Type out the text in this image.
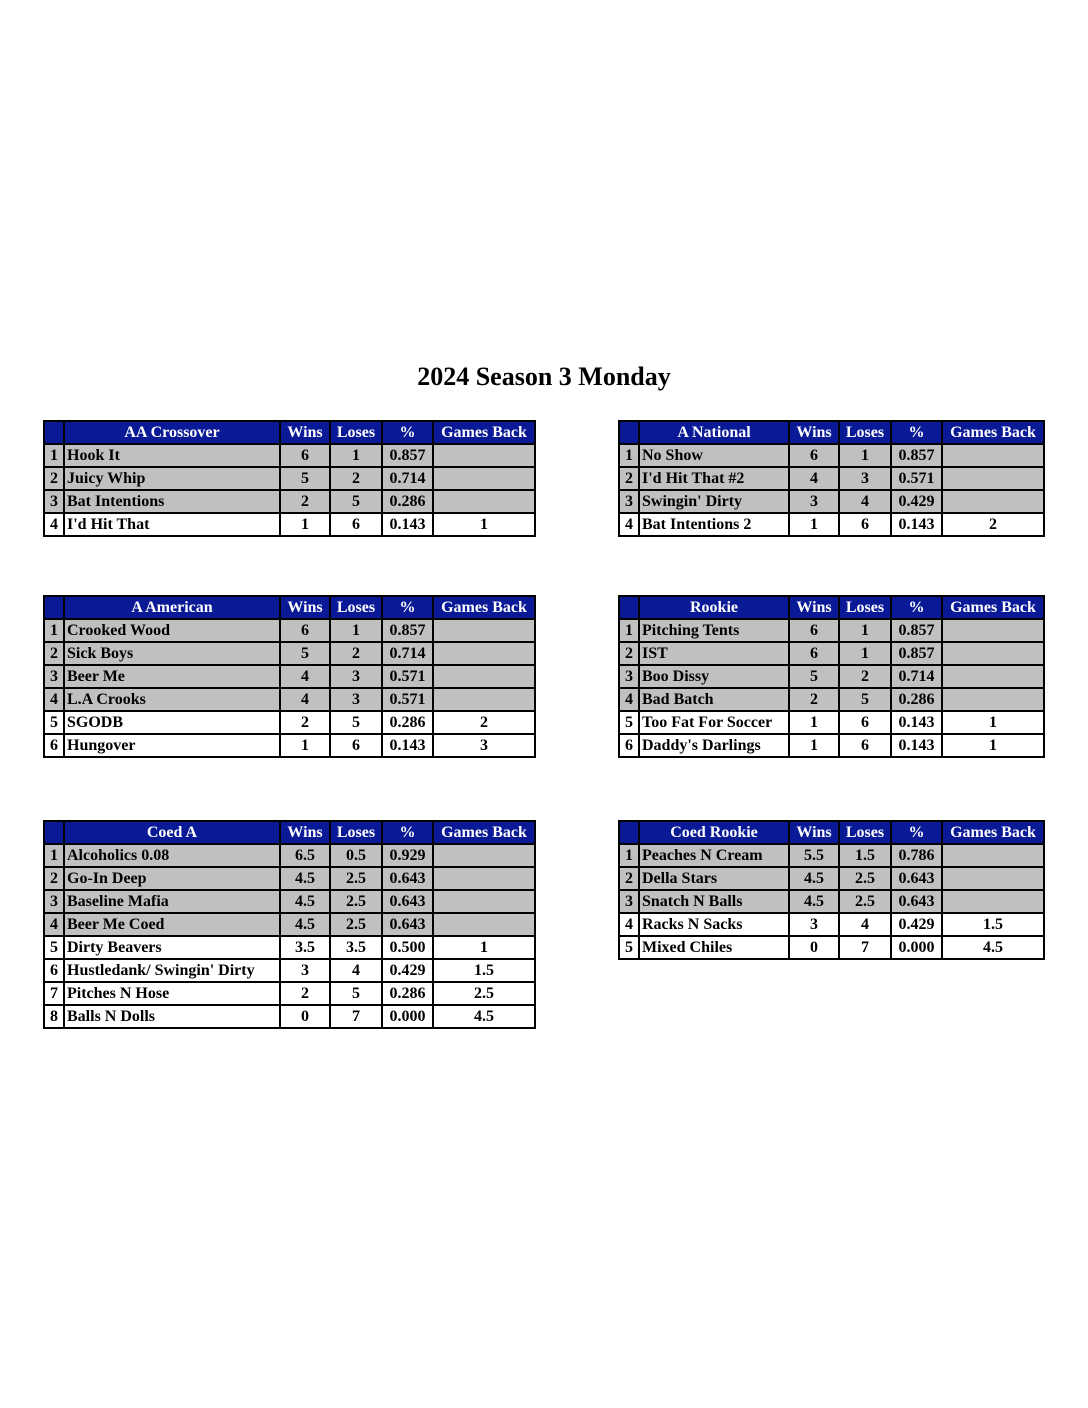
2024 Season 3 Monday
	AA Crossover	Wins	Loses	%	Games Back
1	Hook It	6	1	0.857	
2	Juicy Whip	5	2	0.714	
3	Bat Intentions	2	5	0.286	
4	I'd Hit That	1	6	0.143	1
	A National	Wins	Loses	%	Games Back
1	No Show	6	1	0.857	
2	I'd Hit That #2	4	3	0.571	
3	Swingin' Dirty	3	4	0.429	
4	Bat Intentions 2	1	6	0.143	2
	A American	Wins	Loses	%	Games Back
1	Crooked Wood	6	1	0.857	
2	Sick Boys	5	2	0.714	
3	Beer Me	4	3	0.571	
4	L.A Crooks	4	3	0.571	
5	SGODB	2	5	0.286	2
6	Hungover	1	6	0.143	3
	Rookie	Wins	Loses	%	Games Back
1	Pitching Tents	6	1	0.857	
2	IST	6	1	0.857	
3	Boo Dissy	5	2	0.714	
4	Bad Batch	2	5	0.286	
5	Too Fat For Soccer	1	6	0.143	1
6	Daddy's Darlings	1	6	0.143	1
	Coed A	Wins	Loses	%	Games Back
1	Alcoholics 0.08	6.5	0.5	0.929	
2	Go-In Deep	4.5	2.5	0.643	
3	Baseline Mafia	4.5	2.5	0.643	
4	Beer Me Coed	4.5	2.5	0.643	
5	Dirty Beavers	3.5	3.5	0.500	1
6	Hustledank/ Swingin' Dirty	3	4	0.429	1.5
7	Pitches N Hose	2	5	0.286	2.5
8	Balls N Dolls	0	7	0.000	4.5
	Coed Rookie	Wins	Loses	%	Games Back
1	Peaches N Cream	5.5	1.5	0.786	
2	Della Stars	4.5	2.5	0.643	
3	Snatch N Balls	4.5	2.5	0.643	
4	Racks N Sacks	3	4	0.429	1.5
5	Mixed Chiles	0	7	0.000	4.5
